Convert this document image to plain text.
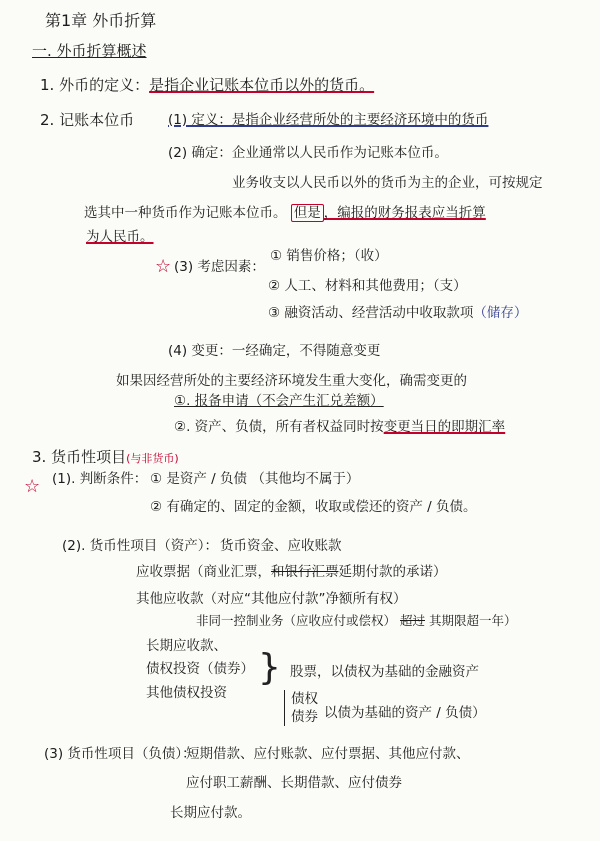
第1章 外币折算
一. 外币折算概述
1. 外币的定义：是指企业记账本位币以外的货币。
2. 记账本位币	(1) 定义：是指企业经营所处的主要经济环境中的货币
(2) 确定：企业通常以人民币作为记账本位币。
业务收支以人民币以外的货币为主的企业，可按规定
选其中一种货币作为记账本位币。 但是 ，编报的财务报表应当折算
为人民币。
☆ (3) 考虑因素：
① 销售价格；（收）
② 人工、材料和其他费用；（支）
③ 融资活动、经营活动中收取款项（储存）
(4) 变更：一经确定，不得随意变更
如果因经营所处的主要经济环境发生重大变化，确需变更的
①. 报备申请（不会产生汇兑差额）
②. 资产、负债，所有者权益同时按变更当日的即期汇率
3. 货币性项目(与非货币)
☆ (1). 判断条件： ① 是资产 / 负债 （其他均不属于）
② 有确定的、固定的金额，收取或偿还的资产 / 负债。
(2). 货币性项目（资产）： 货币资金、应收账款
应收票据（商业汇票，和银行汇票延期付款的承诺）
其他应收款（对应“其他应付款”净额所有权）
非同一控制业务（应收应付或偿权） 超过 其期限超一年）
长期应收款、
债权投资（债券）
其他债权投资
} 股票，以债权为基础的金融资产
债权
债券 以债为基础的资产 / 负债）
(3) 货币性项目（负债）：
短期借款、应付账款、应付票据、其他应付款、
应付职工薪酬、长期借款、应付债券
长期应付款。
